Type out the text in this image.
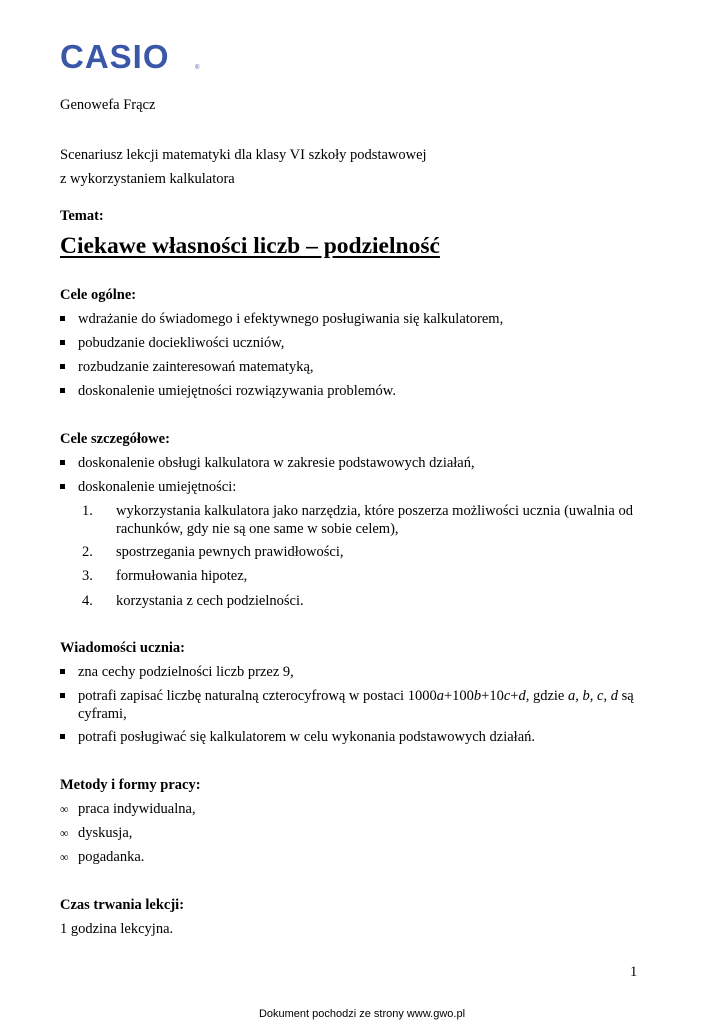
CASIO	®
Genowefa Frącz
Scenariusz lekcji matematyki dla klasy VI szkoły podstawowej
z wykorzystaniem kalkulatora
Temat:
Ciekawe własności liczb – podzielność
Cele ogólne:
wdrażanie do świadomego i efektywnego posługiwania się kalkulatorem,
pobudzanie dociekliwości uczniów,
rozbudzanie zainteresowań matematyką,
doskonalenie umiejętności rozwiązywania problemów.
Cele szczegółowe:
doskonalenie obsługi kalkulatora w zakresie podstawowych działań,
doskonalenie umiejętności:
1.	wykorzystania kalkulatora jako narzędzia, które poszerza możliwości ucznia (uwalnia od
rachunków, gdy nie są one same w sobie celem),
2.	spostrzegania pewnych prawidłowości,
3.	formułowania hipotez,
4.	korzystania z cech podzielności.
Wiadomości ucznia:
zna cechy podzielności liczb przez 9,
potrafi zapisać liczbę naturalną czterocyfrową w postaci 1000a+100b+10c+d, gdzie a, b, c, d są
cyframi,
potrafi posługiwać się kalkulatorem w celu wykonania podstawowych działań.
Metody i formy pracy:
∞ praca indywidualna,
∞ dyskusja,
∞ pogadanka.
Czas trwania lekcji:
1 godzina lekcyjna.
1
Dokument pochodzi ze strony www.gwo.pl
